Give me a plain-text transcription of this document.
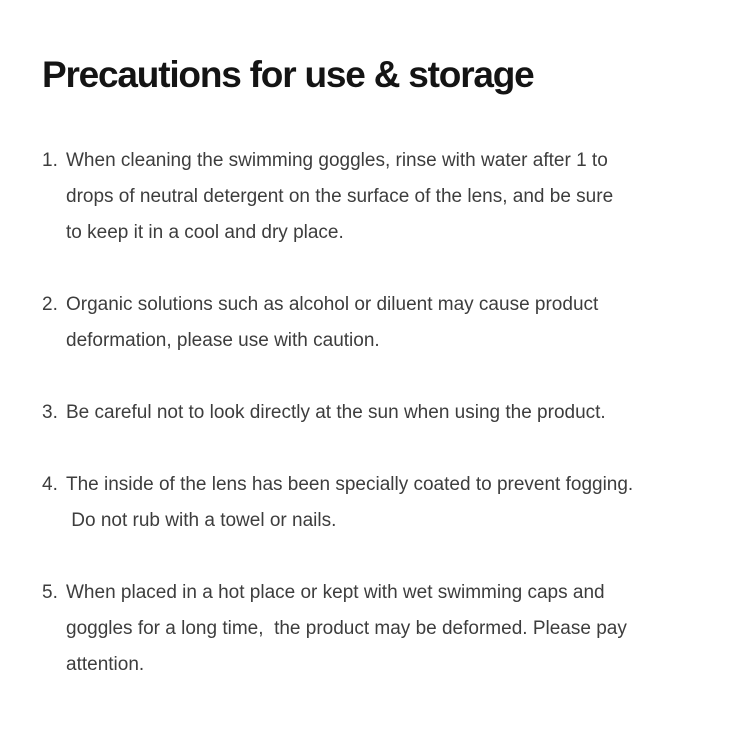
Precautions for use & storage
1. When cleaning the swimming goggles, rinse with water after 1 to
drops of neutral detergent on the surface of the lens, and be sure
to keep it in a cool and dry place.
2. Organic solutions such as alcohol or diluent may cause product
deformation, please use with caution.
3. Be careful not to look directly at the sun when using the product.
4. The inside of the lens has been specially coated to prevent fogging.
Do not rub with a towel or nails.
5. When placed in a hot place or kept with wet swimming caps and
goggles for a long time,  the product may be deformed. Please pay
attention.
